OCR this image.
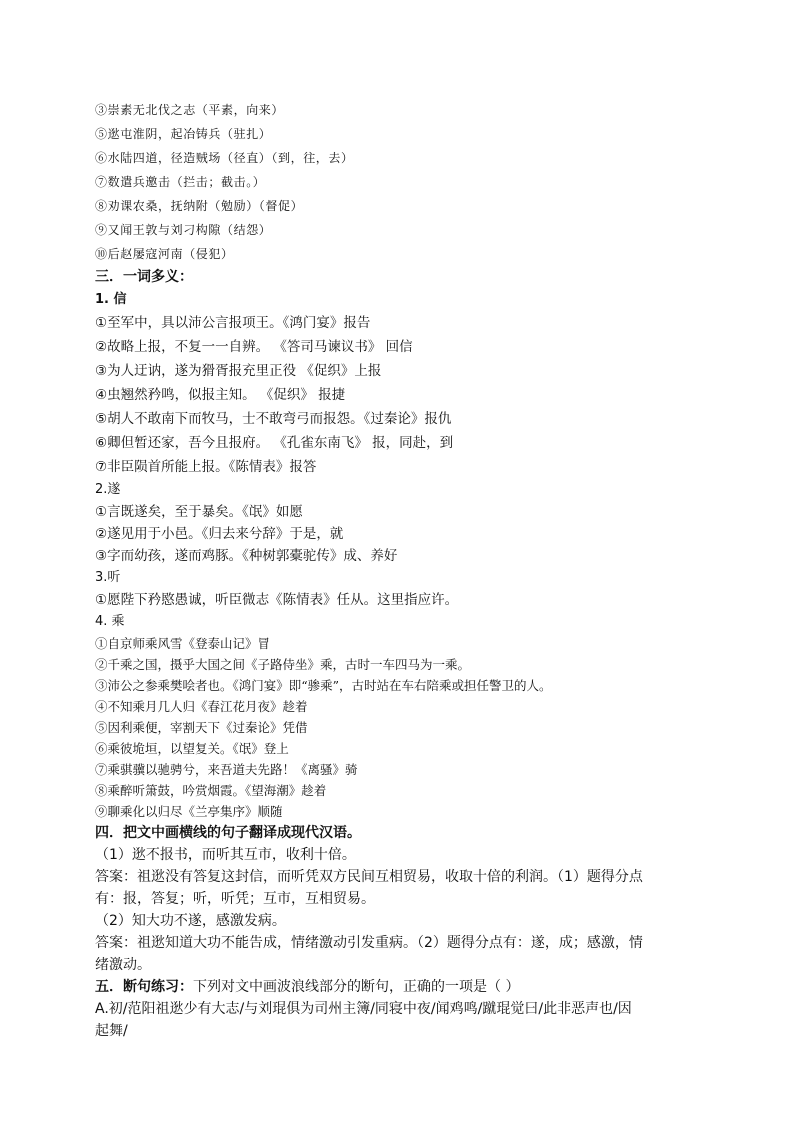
③崇素无北伐之志（平素，向来）
⑤逖屯淮阴，起冶铸兵（驻扎）
⑥水陆四道，径造贼场（径直）（到，往，去）
⑦数遣兵邀击（拦击；截击。）
⑧劝课农桑，抚纳附（勉励）（督促）
⑨又闻王敦与刘刁构隙（结怨）
⑩后赵屡寇河南（侵犯）
三．一词多义：
1. 信
①至军中，具以沛公言报项王。《鸿门宴》报告
②故略上报，不复一一自辨。 《答司马谏议书》 回信
③为人迂讷，遂为猾胥报充里正役 《促织》上报
④虫翘然矜鸣，似报主知。 《促织》 报捷
⑤胡人不敢南下而牧马，士不敢弯弓而报怨。《过秦论》报仇
⑥卿但暂还家，吾今且报府。 《孔雀东南飞》 报，同赴，到
⑦非臣陨首所能上报。《陈情表》报答
2.遂
①言既遂矣，至于暴矣。《氓》如愿
②遂见用于小邑。《归去来兮辞》于是，就
③字而幼孩，遂而鸡豚。《种树郭橐驼传》成、养好
3.听
①愿陛下矜愍愚诚，听臣微志《陈情表》任从。这里指应许。
4. 乘
①自京师乘风雪《登泰山记》冒
②千乘之国，摄乎大国之间《子路侍坐》乘，古时一车四马为一乘。
③沛公之参乘樊哙者也。《鸿门宴》即“骖乘”，古时站在车右陪乘或担任警卫的人。
④不知乘月几人归《春江花月夜》趁着
⑤因利乘便，宰割天下《过秦论》凭借
⑥乘彼垝垣，以望复关。《氓》登上
⑦乘骐骥以驰骋兮，来吾道夫先路！《离骚》骑
⑧乘醉听箫鼓，吟赏烟霞。《望海潮》趁着
⑨聊乘化以归尽《兰亭集序》顺随
四．把文中画横线的句子翻译成现代汉语。
（1）逖不报书，而听其互市，收利十倍。
答案：祖逖没有答复这封信，而听凭双方民间互相贸易，收取十倍的利润。（1）题得分点
有：报，答复；听，听凭；互市，互相贸易。
（2）知大功不遂，感激发病。
答案：祖逖知道大功不能告成，情绪激动引发重病。（2）题得分点有：遂，成；感激，情
绪激动。
五．断句练习：下列对文中画波浪线部分的断句，正确的一项是（ ）
A.初/范阳祖逖少有大志/与刘琨俱为司州主簿/同寝中夜/闻鸡鸣/蹴琨觉曰/此非恶声也/因
起舞/
